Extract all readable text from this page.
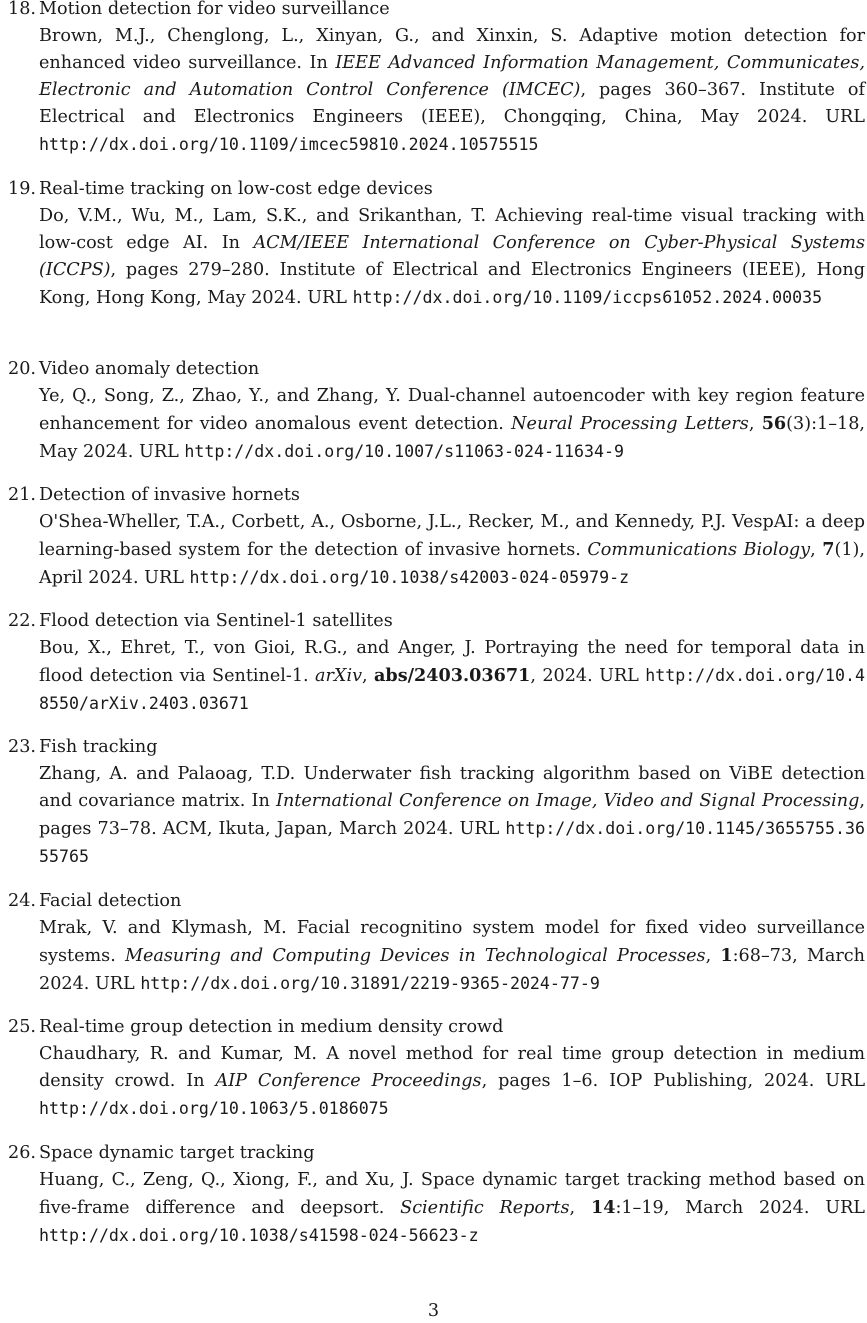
18. Motion detection for video surveillance
Brown, M.J., Chenglong, L., Xinyan, G., and Xinxin, S. Adaptive motion detection for enhanced video surveillance. In IEEE Advanced Information Management, Communicates, Electronic and Automation Control Conference (IMCEC), pages 360–367. Institute of Electrical and Electronics Engineers (IEEE), Chongqing, China, May 2024. URL http://dx.doi.org/10.1109/imcec59810.2024.10575515
19. Real-time tracking on low-cost edge devices
Do, V.M., Wu, M., Lam, S.K., and Srikanthan, T. Achieving real-time visual tracking with low-cost edge AI. In ACM/IEEE International Conference on Cyber-Physical Systems (ICCPS), pages 279–280. Institute of Electrical and Electronics Engineers (IEEE), Hong Kong, Hong Kong, May 2024. URL http://dx.doi.org/10.1109/iccps61052.2024.00035
20. Video anomaly detection
Ye, Q., Song, Z., Zhao, Y., and Zhang, Y. Dual-channel autoencoder with key region feature enhancement for video anomalous event detection. Neural Processing Letters, 56(3):1–18, May 2024. URL http://dx.doi.org/10.1007/s11063-024-11634-9
21. Detection of invasive hornets
O'Shea-Wheller, T.A., Corbett, A., Osborne, J.L., Recker, M., and Kennedy, P.J. VespAI: a deep learning-based system for the detection of invasive hornets. Communications Biology, 7(1), April 2024. URL http://dx.doi.org/10.1038/s42003-024-05979-z
22. Flood detection via Sentinel-1 satellites
Bou, X., Ehret, T., von Gioi, R.G., and Anger, J. Portraying the need for temporal data in flood detection via Sentinel-1. arXiv, abs/2403.03671, 2024. URL http://dx.doi.org/10.48550/arXiv.2403.03671
23. Fish tracking
Zhang, A. and Palaoag, T.D. Underwater fish tracking algorithm based on ViBE detection and covariance matrix. In International Conference on Image, Video and Signal Processing, pages 73–78. ACM, Ikuta, Japan, March 2024. URL http://dx.doi.org/10.1145/3655755.3655765
24. Facial detection
Mrak, V. and Klymash, M. Facial recognitino system model for fixed video surveillance systems. Measuring and Computing Devices in Technological Processes, 1:68–73, March 2024. URL http://dx.doi.org/10.31891/2219-9365-2024-77-9
25. Real-time group detection in medium density crowd
Chaudhary, R. and Kumar, M. A novel method for real time group detection in medium density crowd. In AIP Conference Proceedings, pages 1–6. IOP Publishing, 2024. URL http://dx.doi.org/10.1063/5.0186075
26. Space dynamic target tracking
Huang, C., Zeng, Q., Xiong, F., and Xu, J. Space dynamic target tracking method based on five-frame difference and deepsort. Scientific Reports, 14:1–19, March 2024. URL http://dx.doi.org/10.1038/s41598-024-56623-z
3
